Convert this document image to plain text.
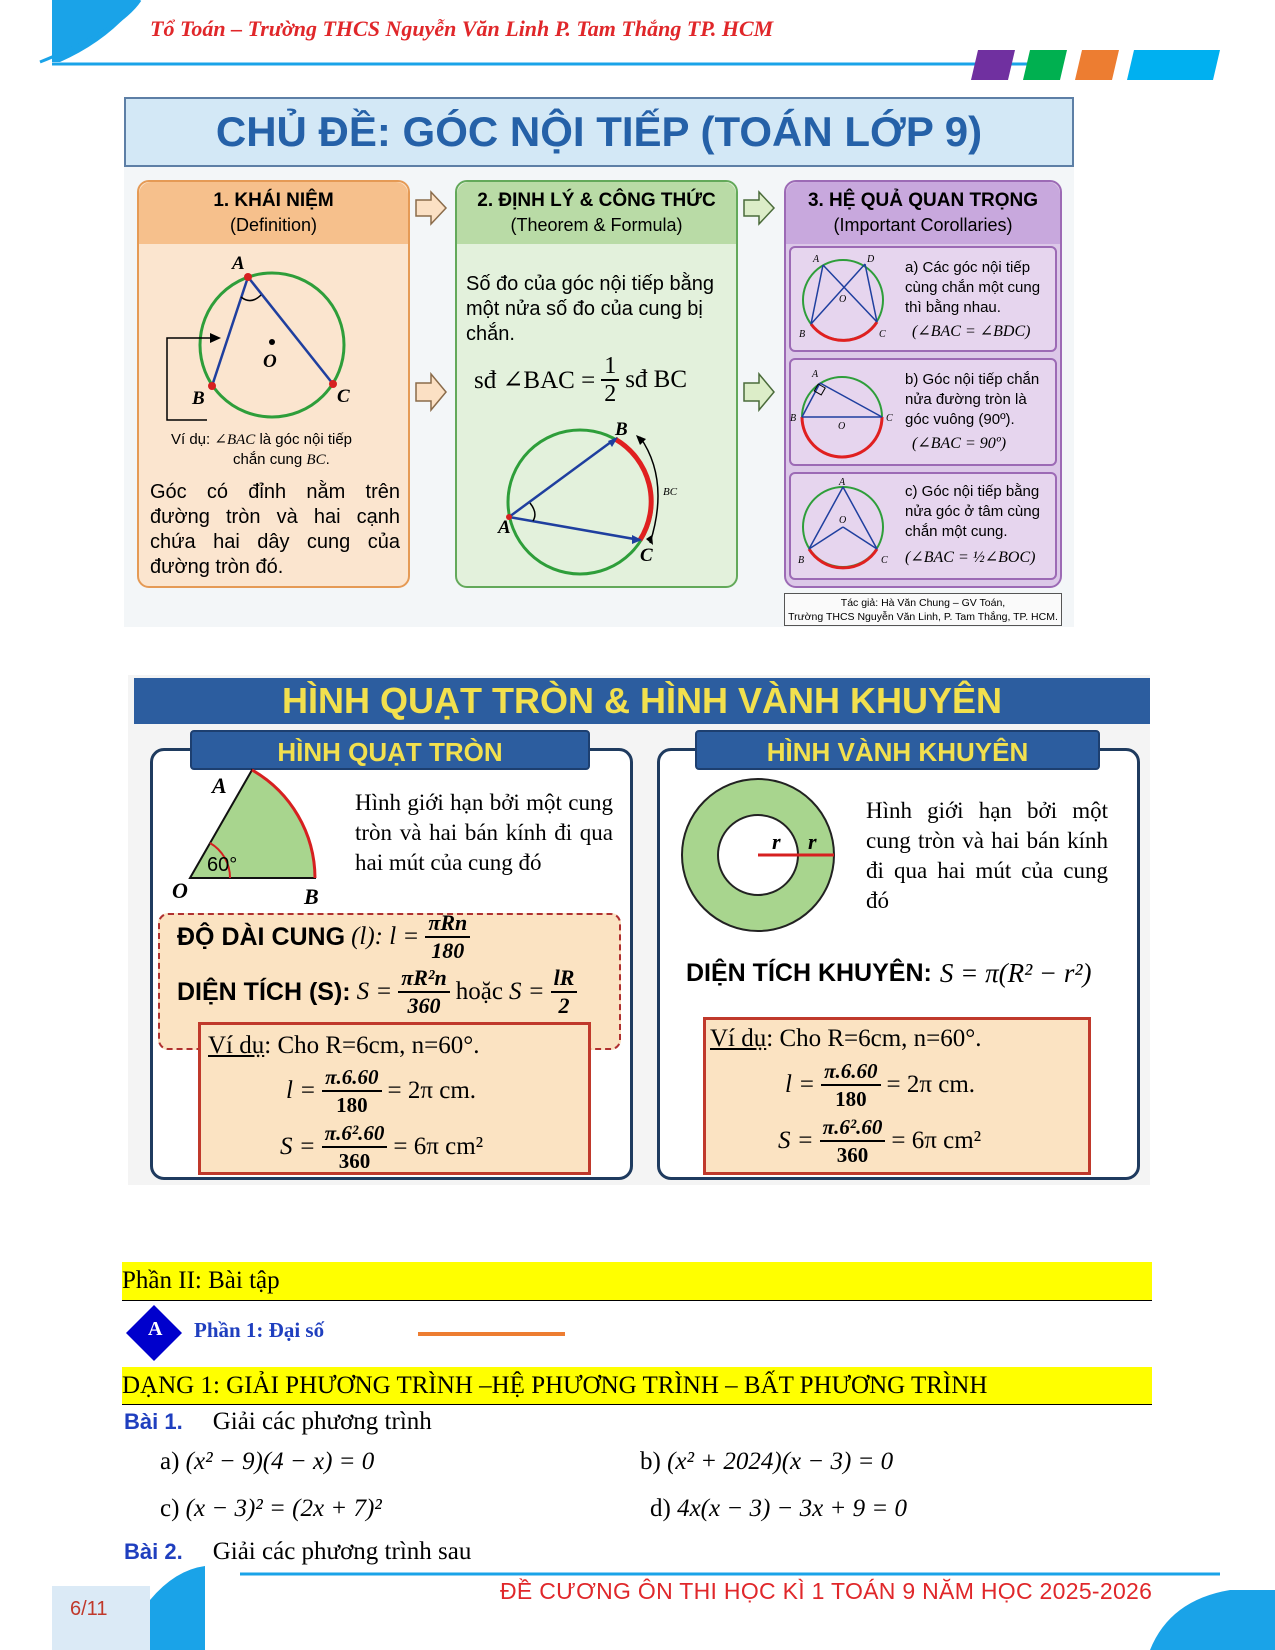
Tổ Toán – Trường THCS Nguyễn Văn Linh P. Tam Thắng TP. HCM
CHỦ ĐỀ: GÓC NỘI TIẾP (TOÁN LỚP 9)
1. KHÁI NIỆM
(Definition)
A
B	C
O
Ví dụ: ∠BAC là góc nội tiếp
chắn cung BC.
Góc có đỉnh nằm trên đường tròn và hai cạnh chứa hai dây cung của đường tròn đó.
2. ĐỊNH LÝ & CÔNG THỨC
(Theorem & Formula)
Số đo của góc nội tiếp bằng một nửa số đo của cung bị chắn.
sđ ∠BAC = $\frac{1}{2}$ sđ BC
B
A
C
BC
3. HỆ QUẢ QUAN TRỌNG
(Important Corollaries)
O
A	D
B	C
a) Các góc nội tiếp cùng chắn một cung thì bằng nhau.
(∠BAC = ∠BDC)
A
B	C
O
b) Góc nội tiếp chắn nửa đường tròn là góc vuông (90º).
(∠BAC = 90º)
A
B	C
O
c) Góc nội tiếp bằng nửa góc ở tâm cùng chắn một cung.
(∠BAC = ½∠BOC)
Tác giả: Hà Văn Chung – GV Toán,
Trường THCS Nguyễn Văn Linh, P. Tam Thắng, TP. HCM.
HÌNH QUẠT TRÒN & HÌNH VÀNH KHUYÊN
HÌNH QUẠT TRÒN
60°
A
O	B
Hình giới hạn bởi một cung tròn và hai bán kính đi qua hai mút của cung đó
ĐỘ DÀI CUNG (l): $l = \frac{\text{πRn}}{180}$
DIỆN TÍCH (S): $S = \frac{\text{πR²n}}{360}$ hoặc $S = \frac{lR}{2}$
Ví dụ: Cho R=6cm, n=60°.
$l = \frac{\pi.6.60}{180} = 2\pi$ cm.
$S = \frac{\text{π.6².60}}{360} = 6\pi$ cm²
HÌNH VÀNH KHUYÊN
r r
Hình giới hạn bởi một cung tròn và hai bán kính đi qua hai mút của cung đó
DIỆN TÍCH KHUYÊN: S = π(R² − r²)
Ví dụ: Cho R=6cm, n=60°.
$l = \frac{\pi.6.60}{180} = 2\pi$ cm.
$S = \frac{\text{π.6².60}}{360} = 6\pi$ cm²
Phần II: Bài tập
A Phần 1: Đại số
DẠNG 1: GIẢI PHƯƠNG TRÌNH –HỆ PHƯƠNG TRÌNH – BẤT PHƯƠNG TRÌNH
Bài 1. Giải các phương trình
a) (x² − 9)(4 − x) = 0	b) (x² + 2024)(x − 3) = 0
c) (x − 3)² = (2x + 7)²	d) 4x(x − 3) − 3x + 9 = 0
Bài 2. Giải các phương trình sau
6/11
ĐỀ CƯƠNG ÔN THI HỌC KÌ 1 TOÁN 9 NĂM HỌC 2025-2026
